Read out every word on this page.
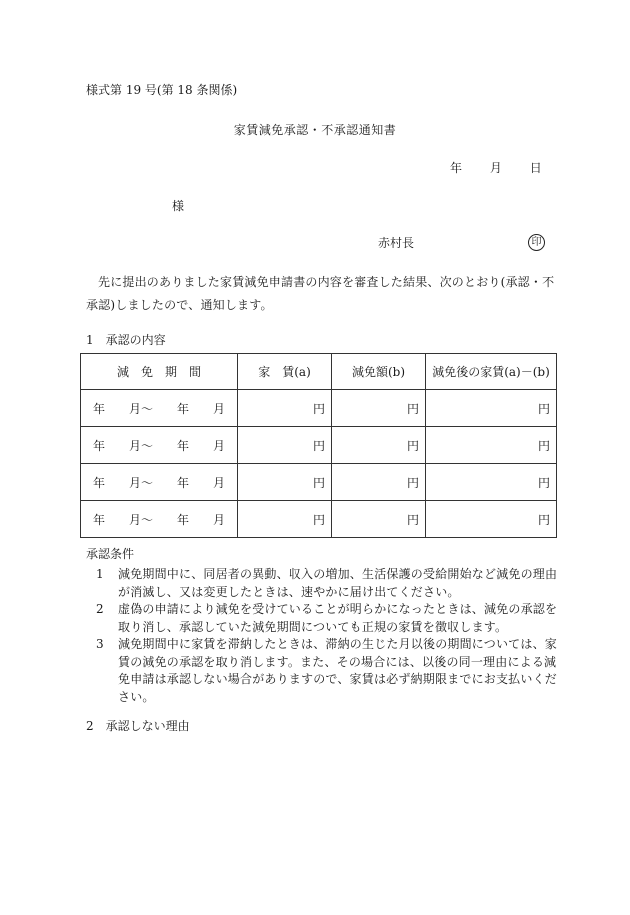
様式第 19 号(第 18 条関係)
家賃減免承認・不承認通知書
年 月 日
様
赤村長	印
先に提出のありました家賃減免申請書の内容を審査した結果、次のとおり(承認・不承認)しましたので、通知します。
1　承認の内容
減　免　期　間	家　賃(a)	減免額(b)	減免後の家賃(a)－(b)
年　　月～　　年　　月	円	円	円
年　　月～　　年　　月	円	円	円
年　　月～　　年　　月	円	円	円
年　　月～　　年　　月	円	円	円
承認条件
1 減免期間中に、同居者の異動、収入の増加、生活保護の受給開始など減免の理由が消滅し、又は変更したときは、速やかに届け出てください。
2 虚偽の申請により減免を受けていることが明らかになったときは、減免の承認を取り消し、承認していた減免期間についても正規の家賃を徴収します。
3 減免期間中に家賃を滞納したときは、滞納の生じた月以後の期間については、家賃の減免の承認を取り消します。また、その場合には、以後の同一理由による減免申請は承認しない場合がありますので、家賃は必ず納期限までにお支払いください。
2　承認しない理由
